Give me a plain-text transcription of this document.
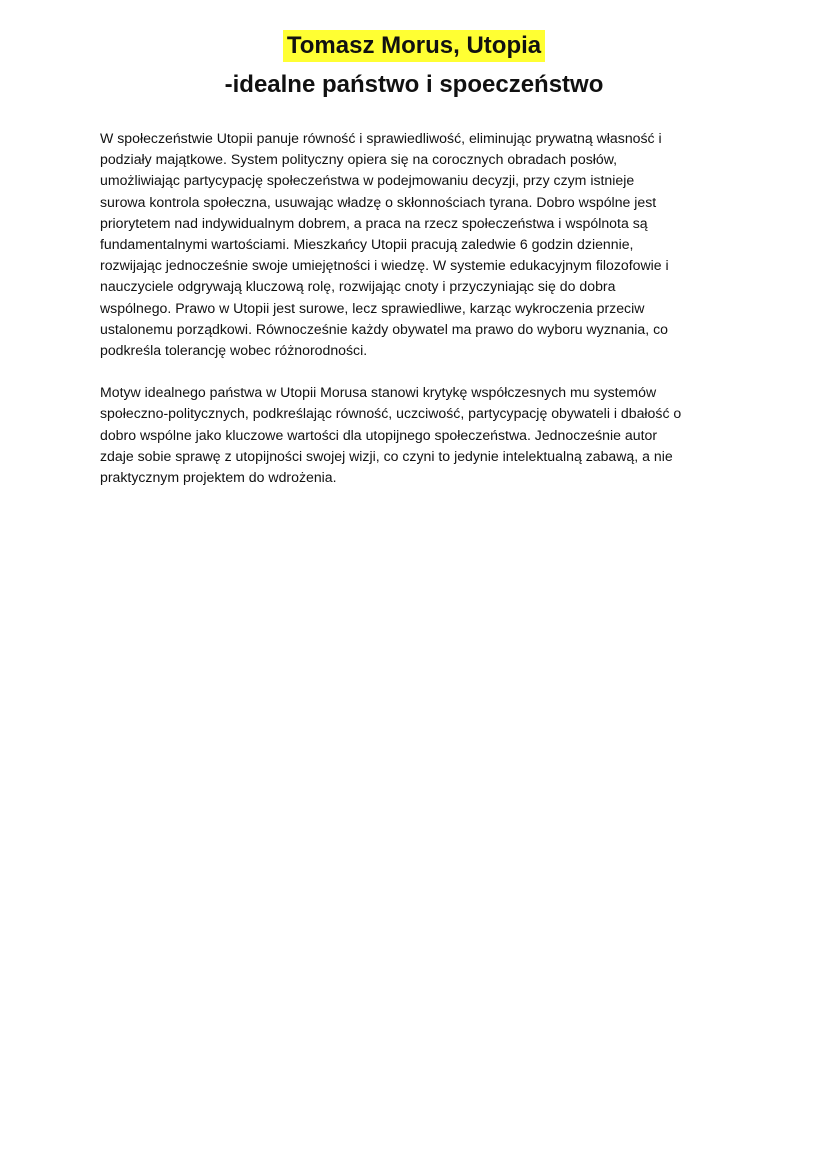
Tomasz Morus, Utopia
-idealne państwo i spoeczeństwo

W społeczeństwie Utopii panuje równość i sprawiedliwość, eliminując prywatną własność i
podziały majątkowe. System polityczny opiera się na corocznych obradach posłów,
umożliwiając partycypację społeczeństwa w podejmowaniu decyzji, przy czym istnieje
surowa kontrola społeczna, usuwając władzę o skłonnościach tyrana. Dobro wspólne jest
priorytetem nad indywidualnym dobrem, a praca na rzecz społeczeństwa i wspólnota są
fundamentalnymi wartościami. Mieszkańcy Utopii pracują zaledwie 6 godzin dziennie,
rozwijając jednocześnie swoje umiejętności i wiedzę. W systemie edukacyjnym filozofowie i
nauczyciele odgrywają kluczową rolę, rozwijając cnoty i przyczyniając się do dobra
wspólnego. Prawo w Utopii jest surowe, lecz sprawiedliwe, karząc wykroczenia przeciw
ustalonemu porządkowi. Równocześnie każdy obywatel ma prawo do wyboru wyznania, co
podkreśla tolerancję wobec różnorodności.

Motyw idealnego państwa w Utopii Morusa stanowi krytykę współczesnych mu systemów
społeczno-politycznych, podkreślając równość, uczciwość, partycypację obywateli i dbałość o
dobro wspólne jako kluczowe wartości dla utopijnego społeczeństwa. Jednocześnie autor
zdaje sobie sprawę z utopijności swojej wizji, co czyni to jedynie intelektualną zabawą, a nie
praktycznym projektem do wdrożenia.
